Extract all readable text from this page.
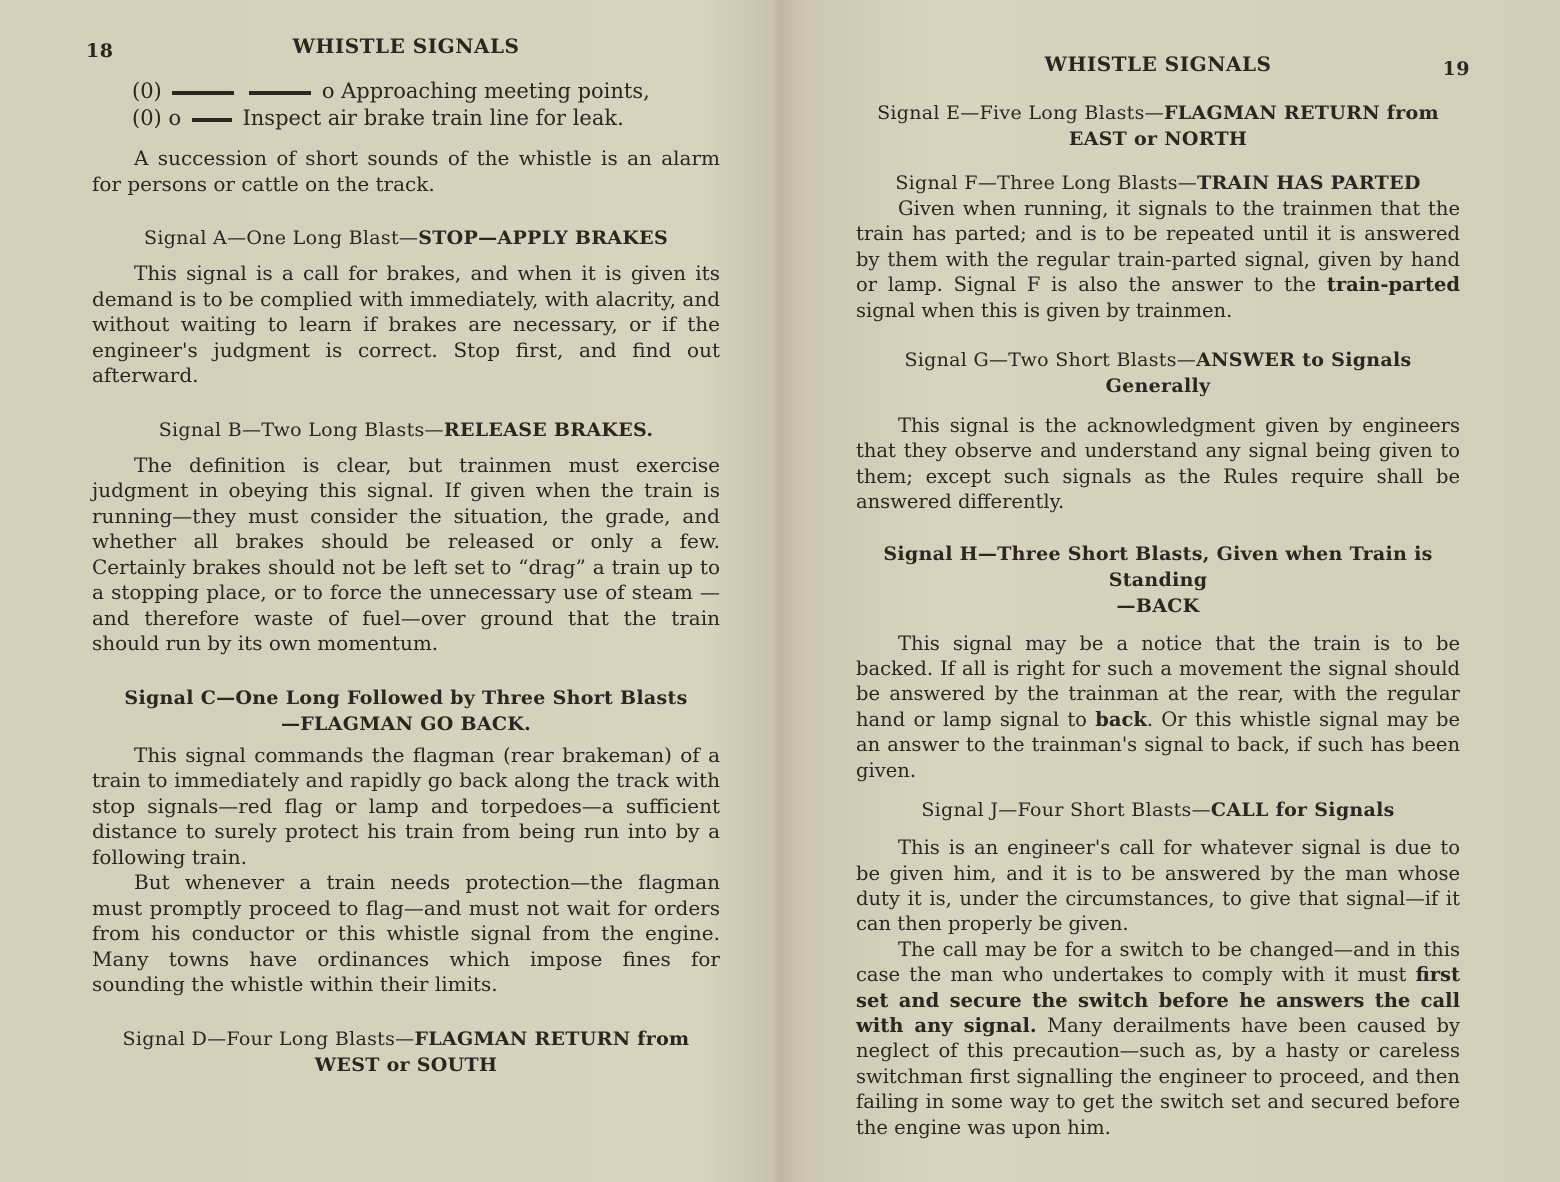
18	WHISTLE SIGNALS
(0)	o Approaching meeting points,
(0) o	Inspect air brake train line for leak.

A succession of short sounds of the whistle is an alarm for persons or cattle on the track.

Signal A—One Long Blast—STOP—APPLY BRAKES

This signal is a call for brakes, and when it is given its demand is to be complied with immediately, with alacrity, and without waiting to learn if brakes are necessary, or if the engineer's judgment is correct. Stop first, and find out afterward.

Signal B—Two Long Blasts—RELEASE BRAKES.

The definition is clear, but trainmen must exercise judgment in obeying this signal. If given when the train is running—they must consider the situation, the grade, and whether all brakes should be released or only a few. Certainly brakes should not be left set to “drag” a train up to a stopping place, or to force the unnecessary use of steam —and therefore waste of fuel—over ground that the train should run by its own momentum.

Signal C—One Long Followed by Three Short Blasts
—FLAGMAN GO BACK.

This signal commands the flagman (rear brakeman) of a train to immediately and rapidly go back along the track with stop signals—red flag or lamp and torpedoes—a sufficient distance to surely protect his train from being run into by a following train.

But whenever a train needs protection—the flagman must promptly proceed to flag—and must not wait for orders from his conductor or this whistle signal from the engine. Many towns have ordinances which impose fines for sounding the whistle within their limits.

Signal D—Four Long Blasts—FLAGMAN RETURN from
WEST or SOUTH
WHISTLE SIGNALS	19
Signal E—Five Long Blasts—FLAGMAN RETURN from
EAST or NORTH
Signal F—Three Long Blasts—TRAIN HAS PARTED

Given when running, it signals to the trainmen that the train has parted; and is to be repeated until it is answered by them with the regular train-parted signal, given by hand or lamp. Signal F is also the answer to the train-parted signal when this is given by trainmen.

Signal G—Two Short Blasts—ANSWER to Signals Generally

This signal is the acknowledgment given by engineers that they observe and understand any signal being given to them; except such signals as the Rules require shall be answered differently.

Signal H—Three Short Blasts, Given when Train is Standing
—BACK

This signal may be a notice that the train is to be backed. If all is right for such a movement the signal should be answered by the trainman at the rear, with the regular hand or lamp signal to back. Or this whistle signal may be an answer to the trainman's signal to back, if such has been given.

Signal J—Four Short Blasts—CALL for Signals

This is an engineer's call for whatever signal is due to be given him, and it is to be answered by the man whose duty it is, under the circumstances, to give that signal—if it can then properly be given.

The call may be for a switch to be changed—and in this case the man who undertakes to comply with it must first set and secure the switch before he answers the call with any signal. Many derailments have been caused by neglect of this precaution—such as, by a hasty or careless switchman first signalling the engineer to proceed, and then failing in some way to get the switch set and secured before the engine was upon him.
